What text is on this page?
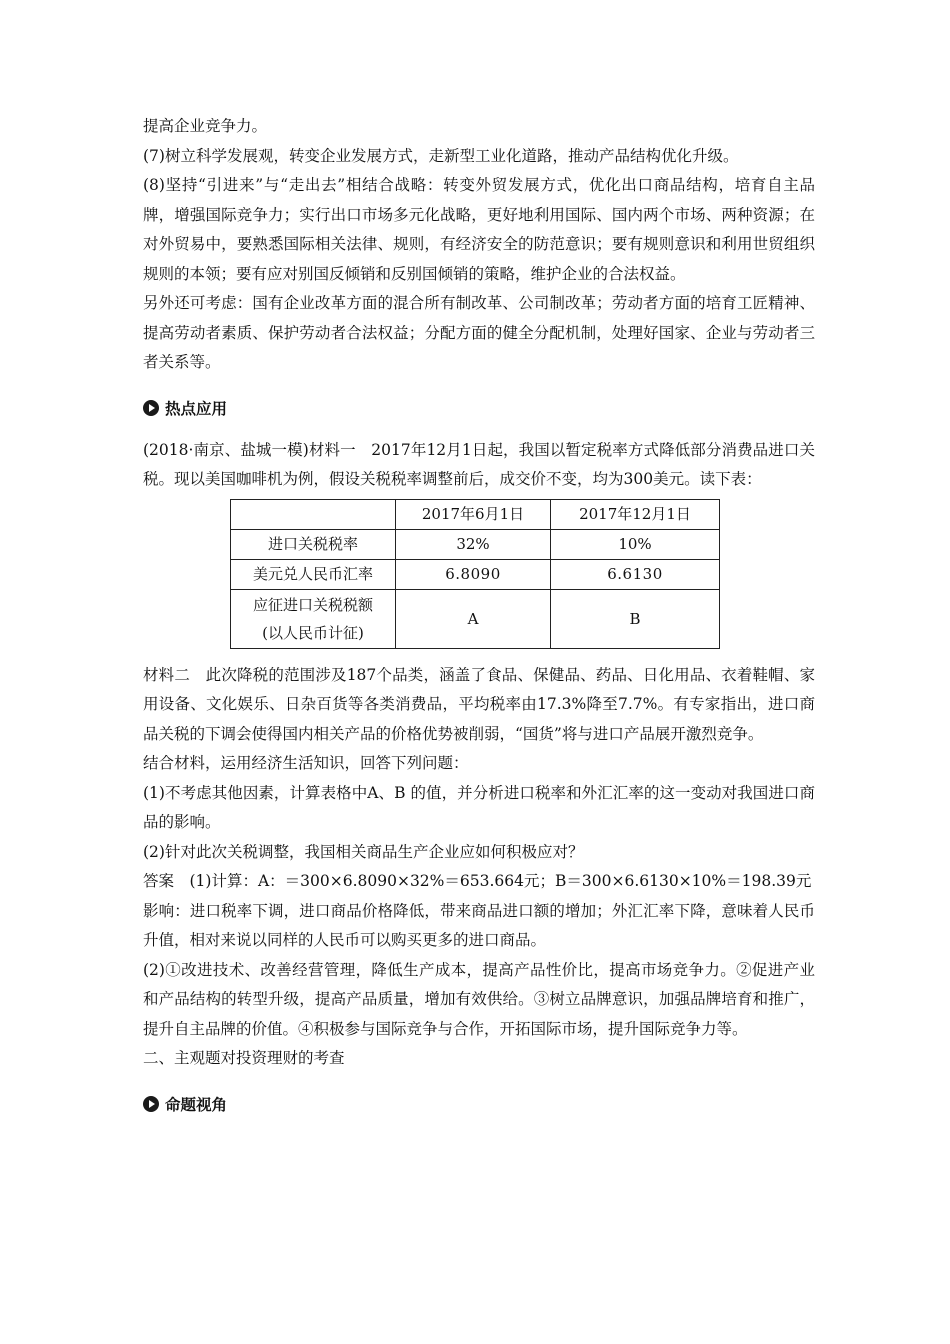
提高企业竞争力。

(7)树立科学发展观，转变企业发展方式，走新型工业化道路，推动产品结构优化升级。

(8)坚持“引进来”与“走出去”相结合战略：转变外贸发展方式，优化出口商品结构，培育自主品牌，增强国际竞争力；实行出口市场多元化战略，更好地利用国际、国内两个市场、两种资源；在对外贸易中，要熟悉国际相关法律、规则，有经济安全的防范意识；要有规则意识和利用世贸组织规则的本领；要有应对别国反倾销和反别国倾销的策略，维护企业的合法权益。

另外还可考虑：国有企业改革方面的混合所有制改革、公司制改革；劳动者方面的培育工匠精神、提高劳动者素质、保护劳动者合法权益；分配方面的健全分配机制，处理好国家、企业与劳动者三者关系等。

热点应用

(2018·南京、盐城一模)材料一　2017年12月1日起，我国以暂定税率方式降低部分消费品进口关税。现以美国咖啡机为例，假设关税税率调整前后，成交价不变，均为300美元。读下表：

	2017年6月1日	2017年12月1日
进口关税税率	32%	10%
美元兑人民币汇率	6.8090	6.6130

应征进口关税税额
(以人民币计征)	A	B

材料二　此次降税的范围涉及187个品类，涵盖了食品、保健品、药品、日化用品、衣着鞋帽、家用设备、文化娱乐、日杂百货等各类消费品，平均税率由17.3%降至7.7%。有专家指出，进口商品关税的下调会使得国内相关产品的价格优势被削弱，“国货”将与进口产品展开激烈竞争。

结合材料，运用经济生活知识，回答下列问题：

(1)不考虑其他因素，计算表格中A、B 的值，并分析进口税率和外汇汇率的这一变动对我国进口商品的影响。

(2)针对此次关税调整，我国相关商品生产企业应如何积极应对？

答案　(1)计算：A：＝300×6.8090×32%＝653.664元；B＝300×6.6130×10%＝198.39元

影响：进口税率下调，进口商品价格降低，带来商品进口额的增加；外汇汇率下降，意味着人民币升值，相对来说以同样的人民币可以购买更多的进口商品。

(2)①改进技术、改善经营管理，降低生产成本，提高产品性价比，提高市场竞争力。②促进产业和产品结构的转型升级，提高产品质量，增加有效供给。③树立品牌意识，加强品牌培育和推广，提升自主品牌的价值。④积极参与国际竞争与合作，开拓国际市场，提升国际竞争力等。

二、主观题对投资理财的考查

命题视角
